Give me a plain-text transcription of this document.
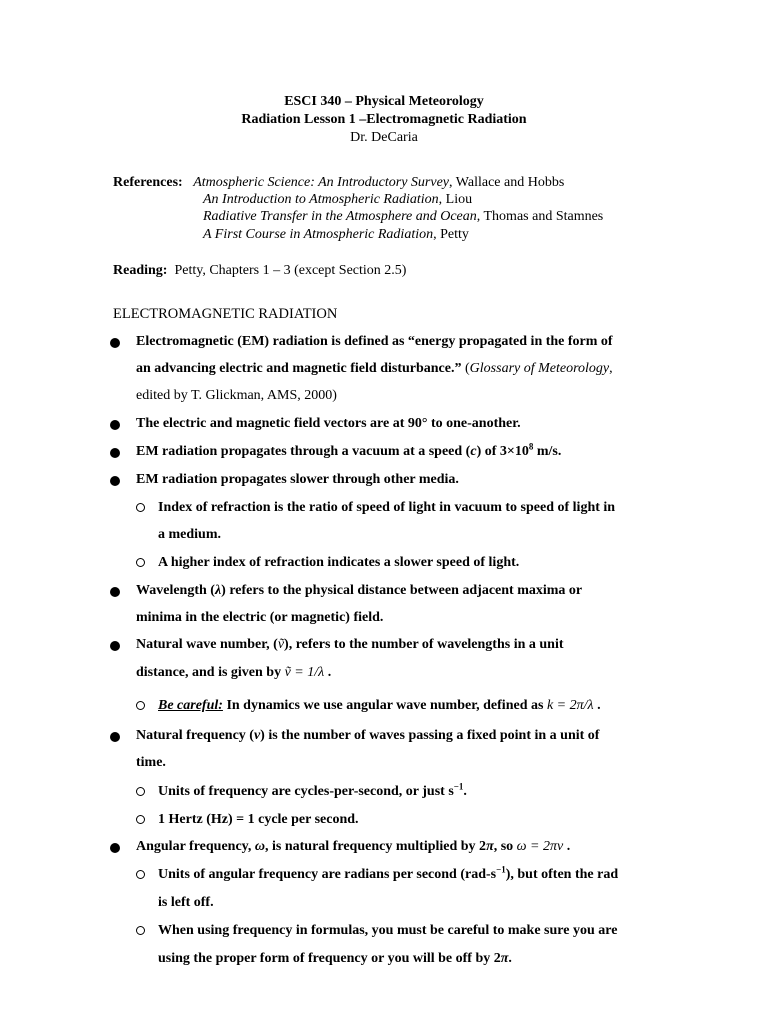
ESCI 340 – Physical Meteorology
Radiation Lesson 1 –Electromagnetic Radiation
Dr. DeCaria
References: Atmospheric Science: An Introductory Survey, Wallace and Hobbs
An Introduction to Atmospheric Radiation, Liou
Radiative Transfer in the Atmosphere and Ocean, Thomas and Stamnes
A First Course in Atmospheric Radiation, Petty
Reading: Petty, Chapters 1 – 3 (except Section 2.5)
ELECTROMAGNETIC RADIATION
Electromagnetic (EM) radiation is defined as “energy propagated in the form of
an advancing electric and magnetic field disturbance.” (Glossary of Meteorology,
edited by T. Glickman, AMS, 2000)
The electric and magnetic field vectors are at 90° to one-another.
EM radiation propagates through a vacuum at a speed (c) of $3\times 10^8$ m/s.
EM radiation propagates slower through other media.
Index of refraction is the ratio of speed of light in vacuum to speed of light in
a medium.
A higher index of refraction indicates a slower speed of light.
Wavelength (λ) refers to the physical distance between adjacent maxima or
minima in the electric (or magnetic) field.
Natural wave number, (ṽ), refers to the number of wavelengths in a unit
distance, and is given by ṽ = 1/λ .
Be careful: In dynamics we use angular wave number, defined as k = 2π/λ .
Natural frequency (ν) is the number of waves passing a fixed point in a unit of
time.
Units of frequency are cycles-per-second, or just $s^{-1}$.
1 Hertz (Hz) = 1 cycle per second.
Angular frequency, ω, is natural frequency multiplied by 2π, so ω = 2πν .
Units of angular frequency are radians per second $(rad-s^{-1})$, but often the rad
is left off.
When using frequency in formulas, you must be careful to make sure you are
using the proper form of frequency or you will be off by 2π.
